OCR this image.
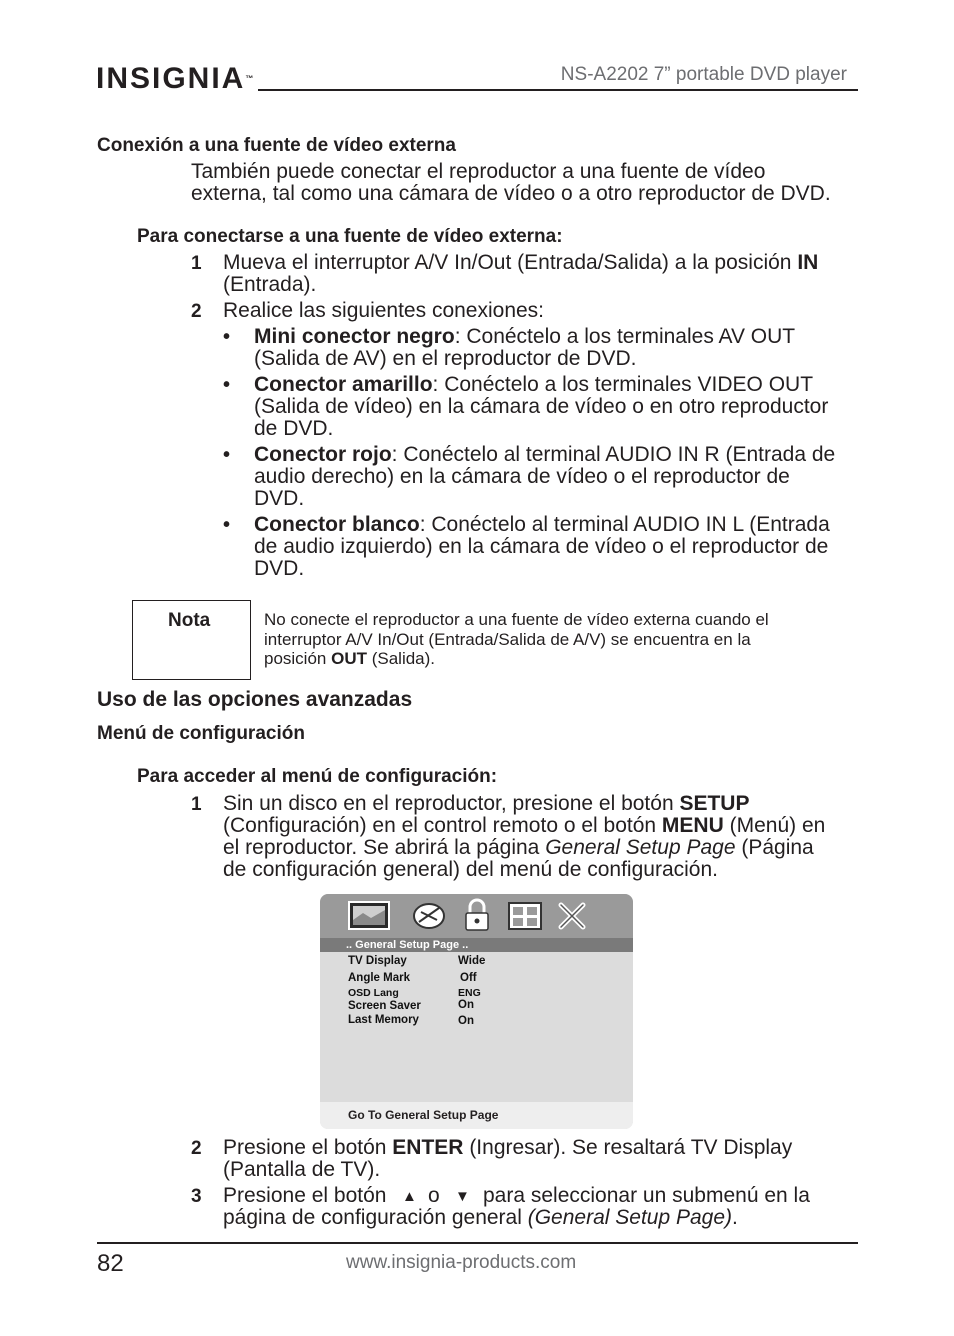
INSIGNIA™	NS-A2202 7” portable DVD player
Conexión a una fuente de vídeo externa
También puede conectar el reproductor a una fuente de vídeo
externa, tal como una cámara de vídeo o a otro reproductor de DVD.
Para conectarse a una fuente de vídeo externa:
1 Mueva el interruptor A/V In/Out (Entrada/Salida) a la posición IN
(Entrada).
2 Realice las siguientes conexiones:
• Mini conector negro: Conéctelo a los terminales AV OUT
(Salida de AV) en el reproductor de DVD.
• Conector amarillo: Conéctelo a los terminales VIDEO OUT
(Salida de vídeo) en la cámara de vídeo o en otro reproductor
de DVD.
• Conector rojo: Conéctelo al terminal AUDIO IN R (Entrada de
audio derecho) en la cámara de vídeo o el reproductor de
DVD.
• Conector blanco: Conéctelo al terminal AUDIO IN L (Entrada
de audio izquierdo) en la cámara de vídeo o el reproductor de
DVD.
Nota	No conecte el reproductor a una fuente de vídeo externa cuando el
interruptor A/V In/Out (Entrada/Salida de A/V) se encuentra en la
posición OUT (Salida).
Uso de las opciones avanzadas
Menú de configuración
Para acceder al menú de configuración:
1 Sin un disco en el reproductor, presione el botón SETUP
(Configuración) en el control remoto o el botón MENU (Menú) en
el reproductor. Se abrirá la página General Setup Page (Página
de configuración general) del menú de configuración.
.. General Setup Page ..
TV Display	Wide
Angle Mark	Off
OSD Lang	ENG
Screen Saver	On
Last Memory	On
Go To General Setup Page
2 Presione el botón ENTER (Ingresar). Se resaltará TV Display
(Pantalla de TV).
3 Presione el botón ▲ o ▼ para seleccionar un submenú en la
página de configuración general (General Setup Page).
82	www.insignia-products.com
